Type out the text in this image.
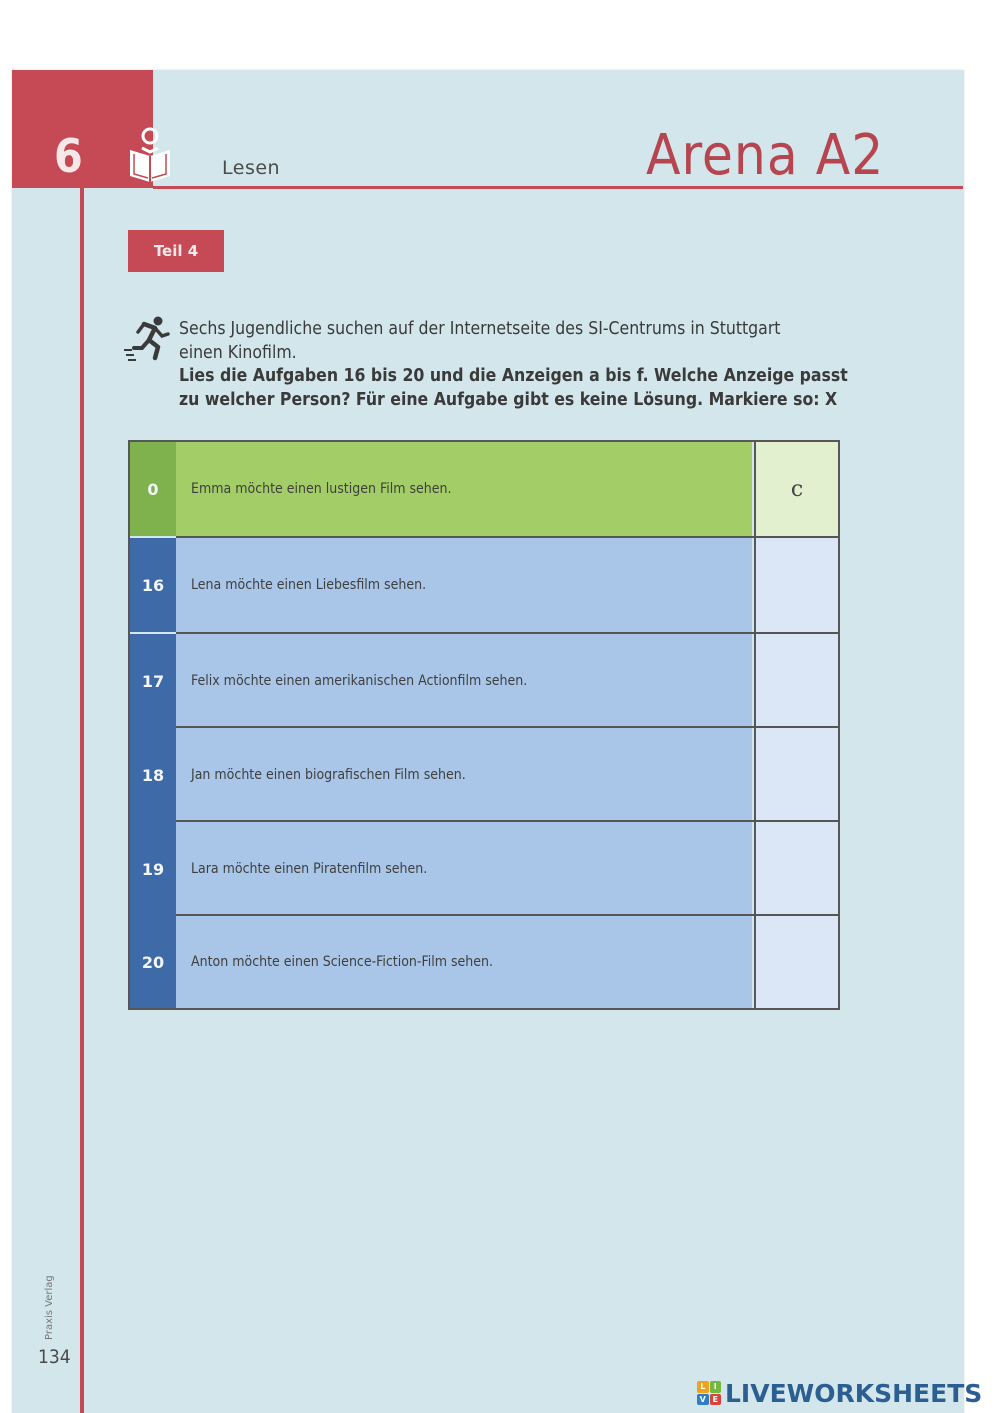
6	Lesen	Arena A2
Teil 4

Sechs Jugendliche suchen auf der Internetseite des SI-Centrums in Stuttgart

einen Kinofilm.

Lies die Aufgaben 16 bis 20 und die Anzeigen a bis f. Welche Anzeige passt

zu welcher Person? Für eine Aufgabe gibt es keine Lösung. Markiere so: X

0	Emma möchte einen lustigen Film sehen.	c
16	Lena möchte einen Liebesfilm sehen.
17	Felix möchte einen amerikanischen Actionfilm sehen.
18	Jan möchte einen biografischen Film sehen.
19	Lara möchte einen Piratenfilm sehen.
20	Anton möchte einen Science-Fiction-Film sehen.
Praxis Verlag
134
L	I
V E LIVEWORKSHEETS
